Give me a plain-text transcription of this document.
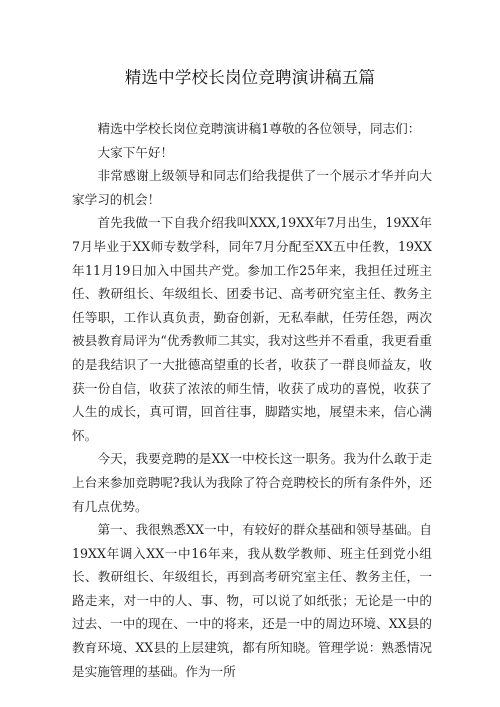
精选中学校长岗位竞聘演讲稿五篇

精选中学校长岗位竞聘演讲稿1尊敬的各位领导，同志们：

大家下午好！

非常感谢上级领导和同志们给我提供了一个展示才华并向大家学习的机会！

首先我做一下自我介绍我叫XXX,19XX年7月出生，19XX年7月毕业于XX师专数学科，同年7月分配至XX五中任教，19XX年11月19日加入中国共产党。参加工作25年来，我担任过班主任、教研组长、年级组长、团委书记、高考研究室主任、教务主任等职，工作认真负责，勤奋创新，无私奉献，任劳任怨，两次被县教育局评为“优秀教师二其实，我对这些并不看重，我更看重的是我结识了一大批德高望重的长者，收获了一群良师益友，收获一份自信，收获了浓浓的师生情，收获了成功的喜悦，收获了人生的成长，真可谓，回首往事，脚踏实地，展望未来，信心满怀。

今天，我要竞聘的是XX一中校长这一职务。我为什么敢于走上台来参加竞聘呢?我认为我除了符合竞聘校长的所有条件外，还有几点优势。

第一、我很熟悉XX一中，有较好的群众基础和领导基础。自19XX年调入XX一中16年来，我从数学教师、班主任到党小组长、教研组长、年级组长，再到高考研究室主任、教务主任，一路走来，对一中的人、事、物，可以说了如纸张；无论是一中的过去、一中的现在、一中的将来，还是一中的周边环境、XX县的教育环境、XX县的上层建筑，都有所知晓。管理学说：熟悉情况是实施管理的基础。作为一所
